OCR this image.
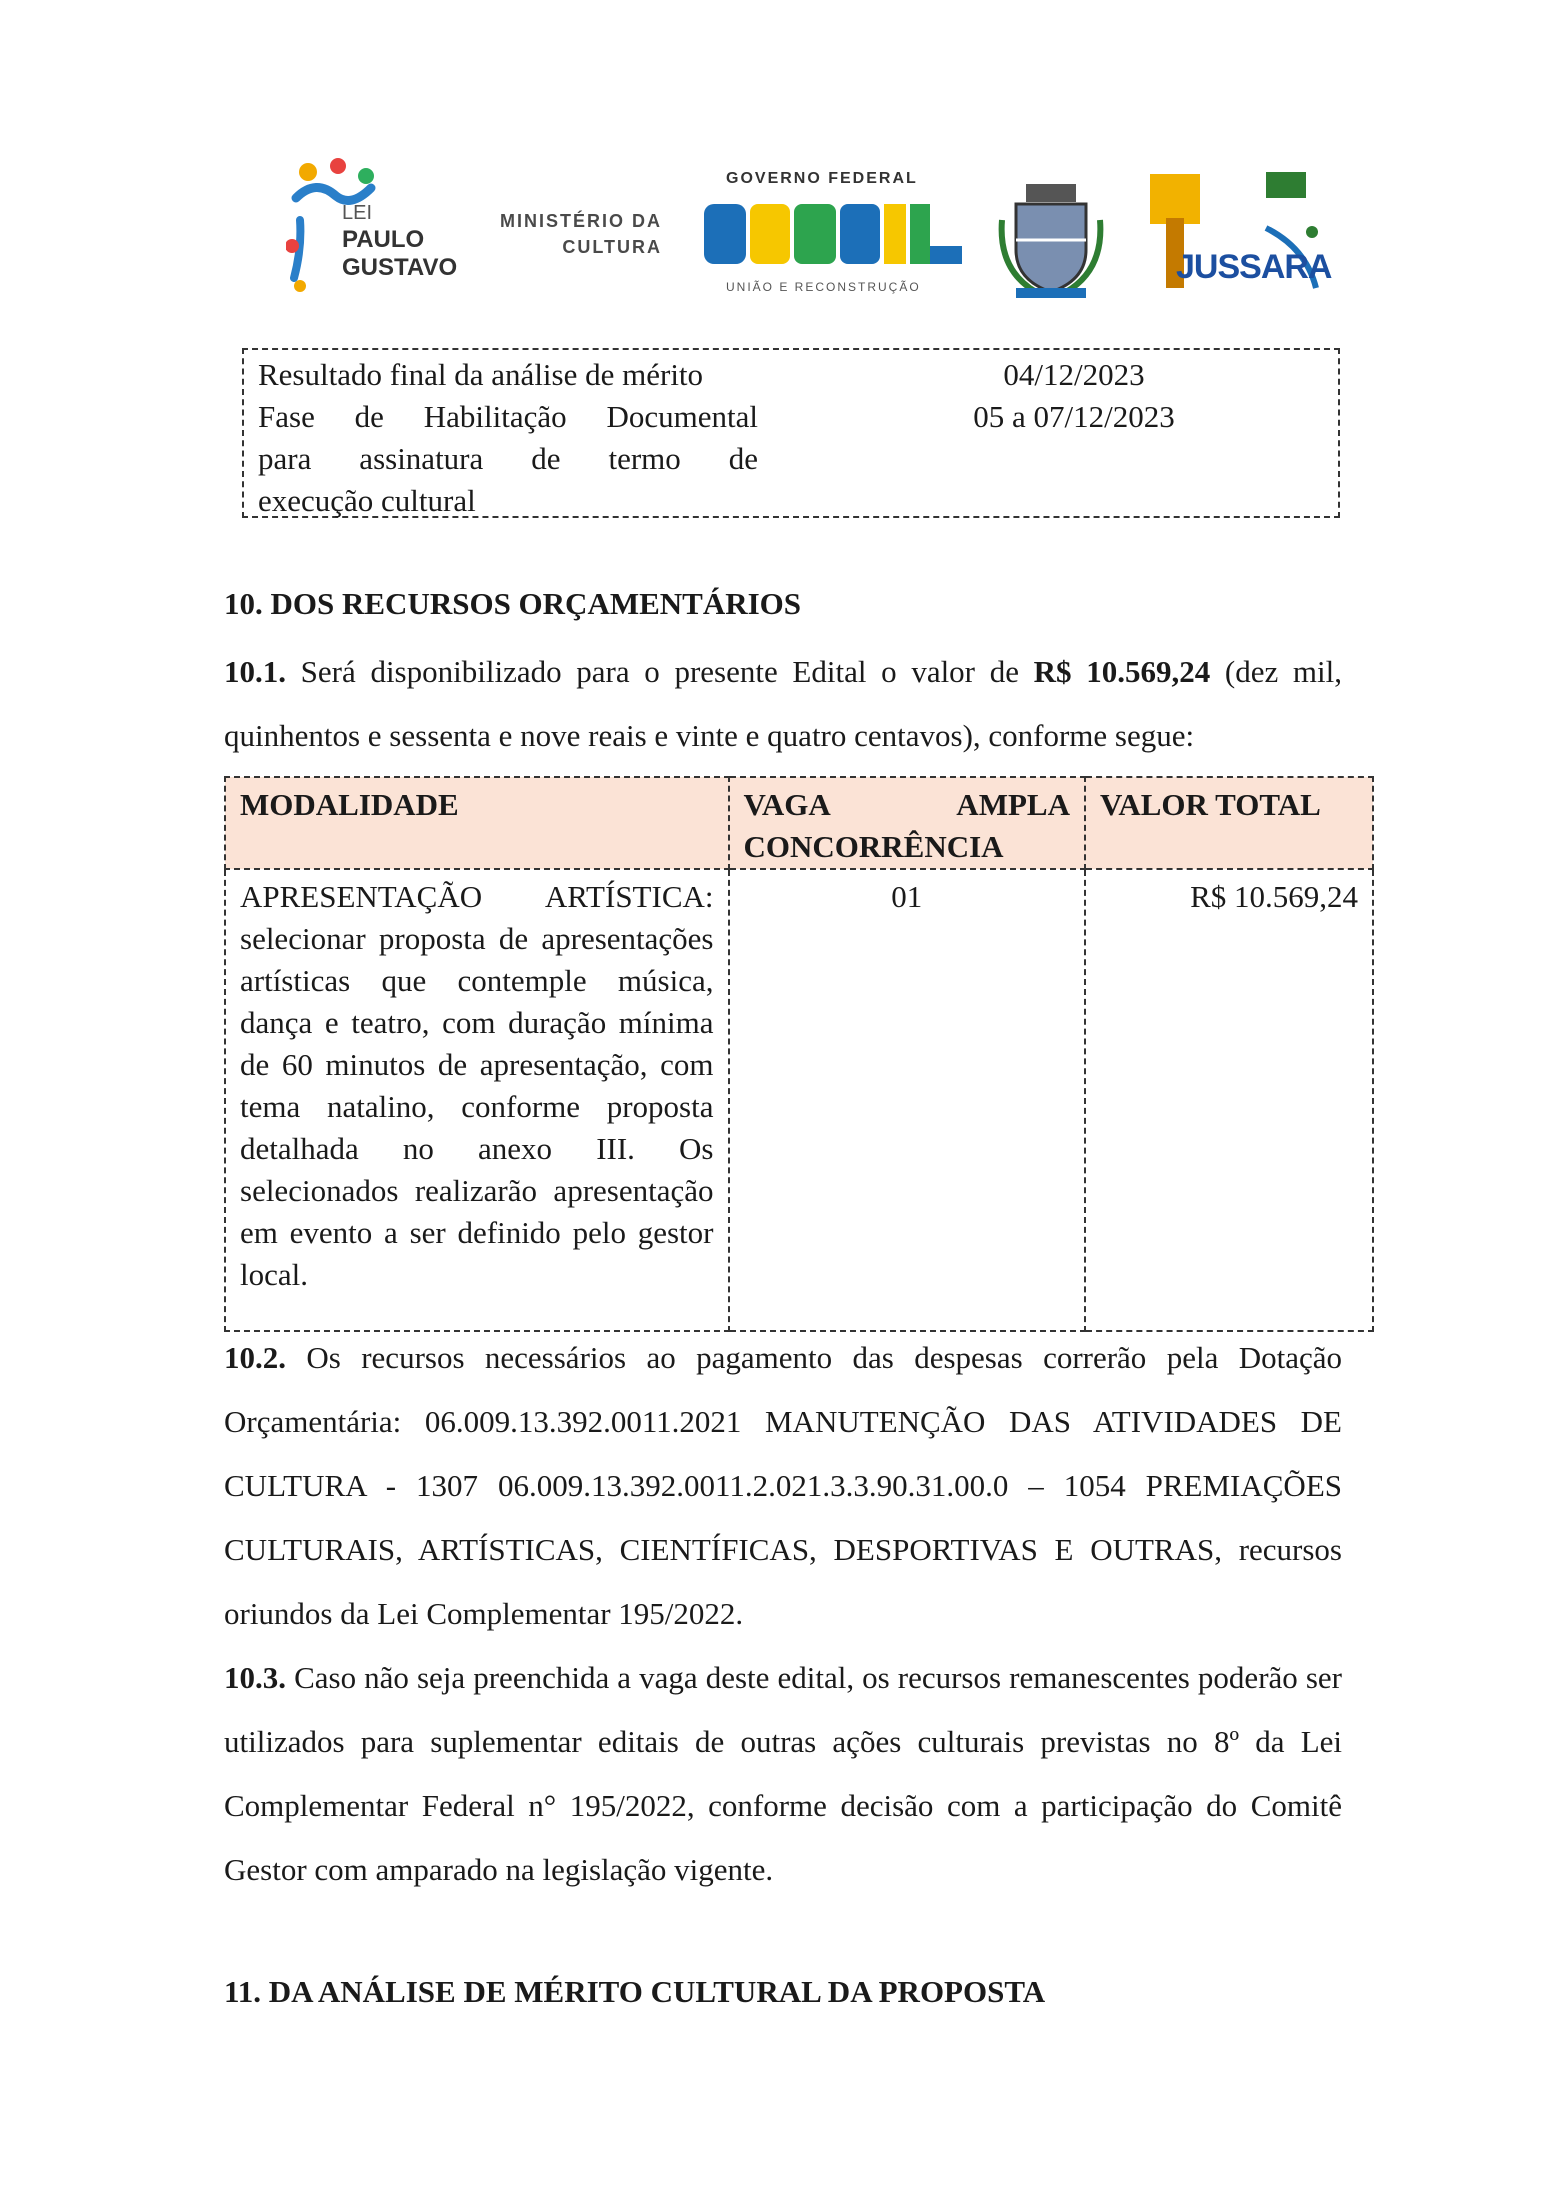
LEI
PAULO
GUSTAVO
MINISTÉRIO DA
CULTURA
GOVERNO FEDERAL
UNIÃO E RECONSTRUÇÃO
JUSSARA
Resultado final da análise de mérito	04/12/2023
Fase de Habilitação Documental
para assinatura de termo de
execução cultural
05 a 07/12/2023
10. DOS RECURSOS ORÇAMENTÁRIOS
10.1. Será disponibilizado para o presente Edital o valor de R$ 10.569,24 (dez mil, quinhentos e sessenta e nove reais e vinte e quatro centavos), conforme segue:
MODALIDADE	VAGA AMPLA CONCORRÊNCIA	VALOR TOTAL
APRESENTAÇÃO ARTÍSTICA: selecionar proposta de apresentações artísticas que contemple música, dança e teatro, com duração mínima de 60 minutos de apresentação, com tema natalino, conforme proposta detalhada no anexo III. Os selecionados realizarão apresentação em evento a ser definido pelo gestor local.	01	R$ 10.569,24
10.2. Os recursos necessários ao pagamento das despesas correrão pela Dotação Orçamentária: 06.009.13.392.0011.2021 MANUTENÇÃO DAS ATIVIDADES DE CULTURA - 1307 06.009.13.392.0011.2.021.3.3.90.31.00.0 – 1054 PREMIAÇÕES CULTURAIS, ARTÍSTICAS, CIENTÍFICAS, DESPORTIVAS E OUTRAS, recursos oriundos da Lei Complementar 195/2022.
10.3. Caso não seja preenchida a vaga deste edital, os recursos remanescentes poderão ser utilizados para suplementar editais de outras ações culturais previstas no 8º da Lei Complementar Federal n° 195/2022, conforme decisão com a participação do Comitê Gestor com amparado na legislação vigente.
11. DA ANÁLISE DE MÉRITO CULTURAL DA PROPOSTA
